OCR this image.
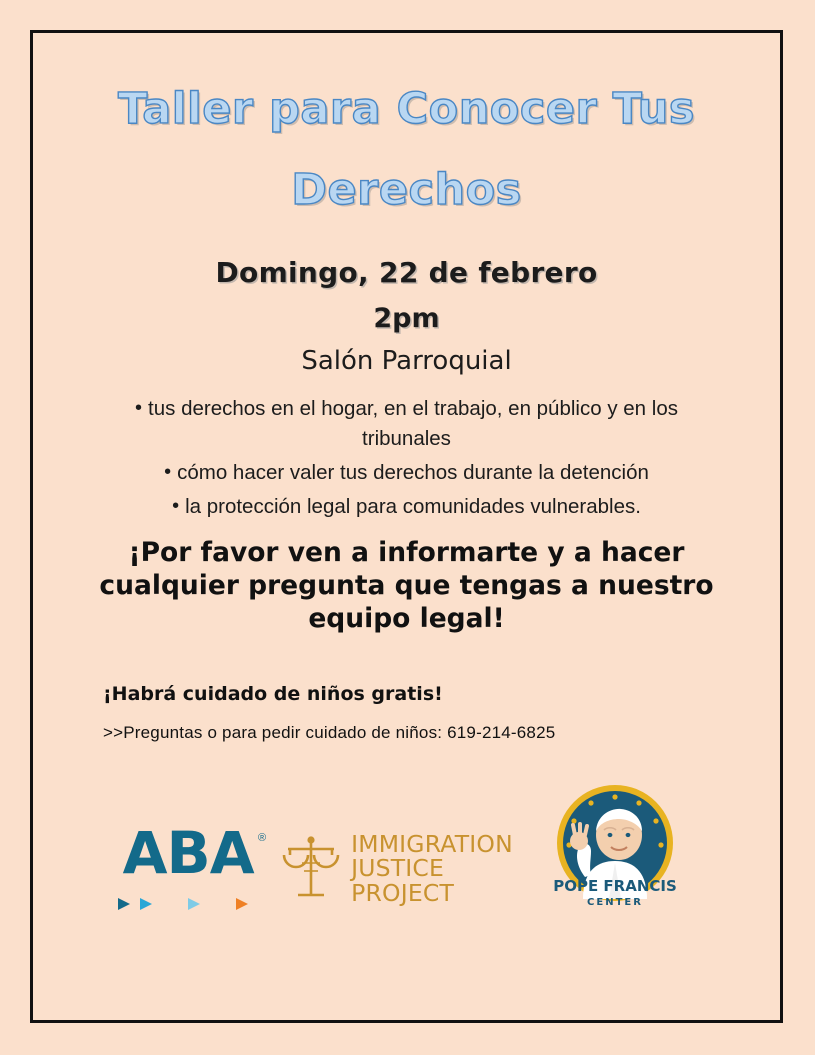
Taller para Conocer Tus
Derechos
Domingo, 22 de febrero
2pm
Salón Parroquial
• tus derechos en el hogar, en el trabajo, en público y en los tribunales
• cómo hacer valer tus derechos durante la detención
• la protección legal para comunidades vulnerables.
¡Por favor ven a informarte y a hacer cualquier pregunta que tengas a nuestro equipo legal!
¡Habrá cuidado de niños gratis!
>>Preguntas o para pedir cuidado de niños: 619-214-6825
ABA ®	IMMIGRATION
JUSTICE
PROJECT	POPE FRANCIS
CENTER
